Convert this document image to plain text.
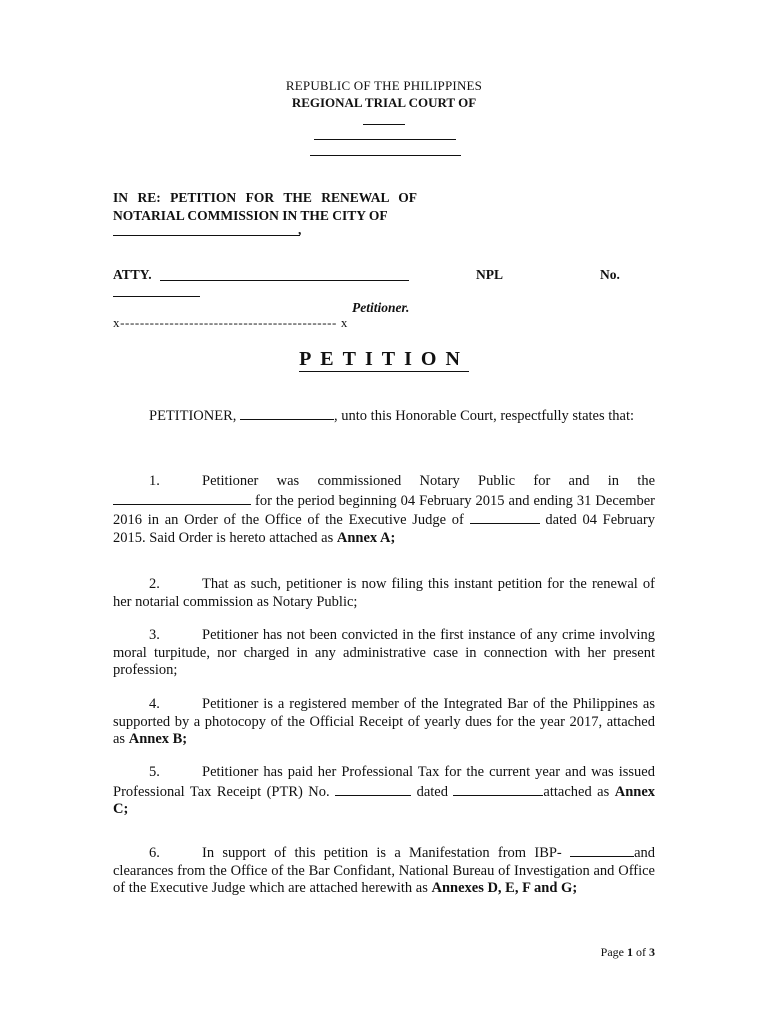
REPUBLIC OF THE PHILIPPINES
REGIONAL TRIAL COURT OF
IN RE: PETITION FOR THE RENEWAL OF NOTARIAL COMMISSION IN THE CITY OF
,
ATTY.	NPL	No.
Petitioner.
x-------------------------------------------- x
PETITION
PETITIONER,	, unto this Honorable Court, respectfully states that:
1.	Petitioner was commissioned Notary Public for and in the  for the period beginning 04 February 2015 and ending 31 December 2016 in an Order of the Office of the Executive Judge of	dated 04 February 2015. Said Order is hereto attached as Annex A;
2.	That as such, petitioner is now filing this instant petition for the renewal of her notarial commission as Notary Public;
3.	Petitioner has not been convicted in the first instance of any crime involving moral turpitude, nor charged in any administrative case in connection with her present profession;
4.	Petitioner is a registered member of the Integrated Bar of the Philippines as supported by a photocopy of the Official Receipt of yearly dues for the year 2017, attached as Annex B;
5.	Petitioner has paid her Professional Tax for the current year and was issued Professional Tax Receipt (PTR) No.	dated	attached as Annex C;
6.	In support of this petition is a Manifestation from IBP-	and clearances from the Office of the Bar Confidant, National Bureau of Investigation and Office of the Executive Judge which are attached herewith as Annexes D, E, F and G;
Page 1 of 3
